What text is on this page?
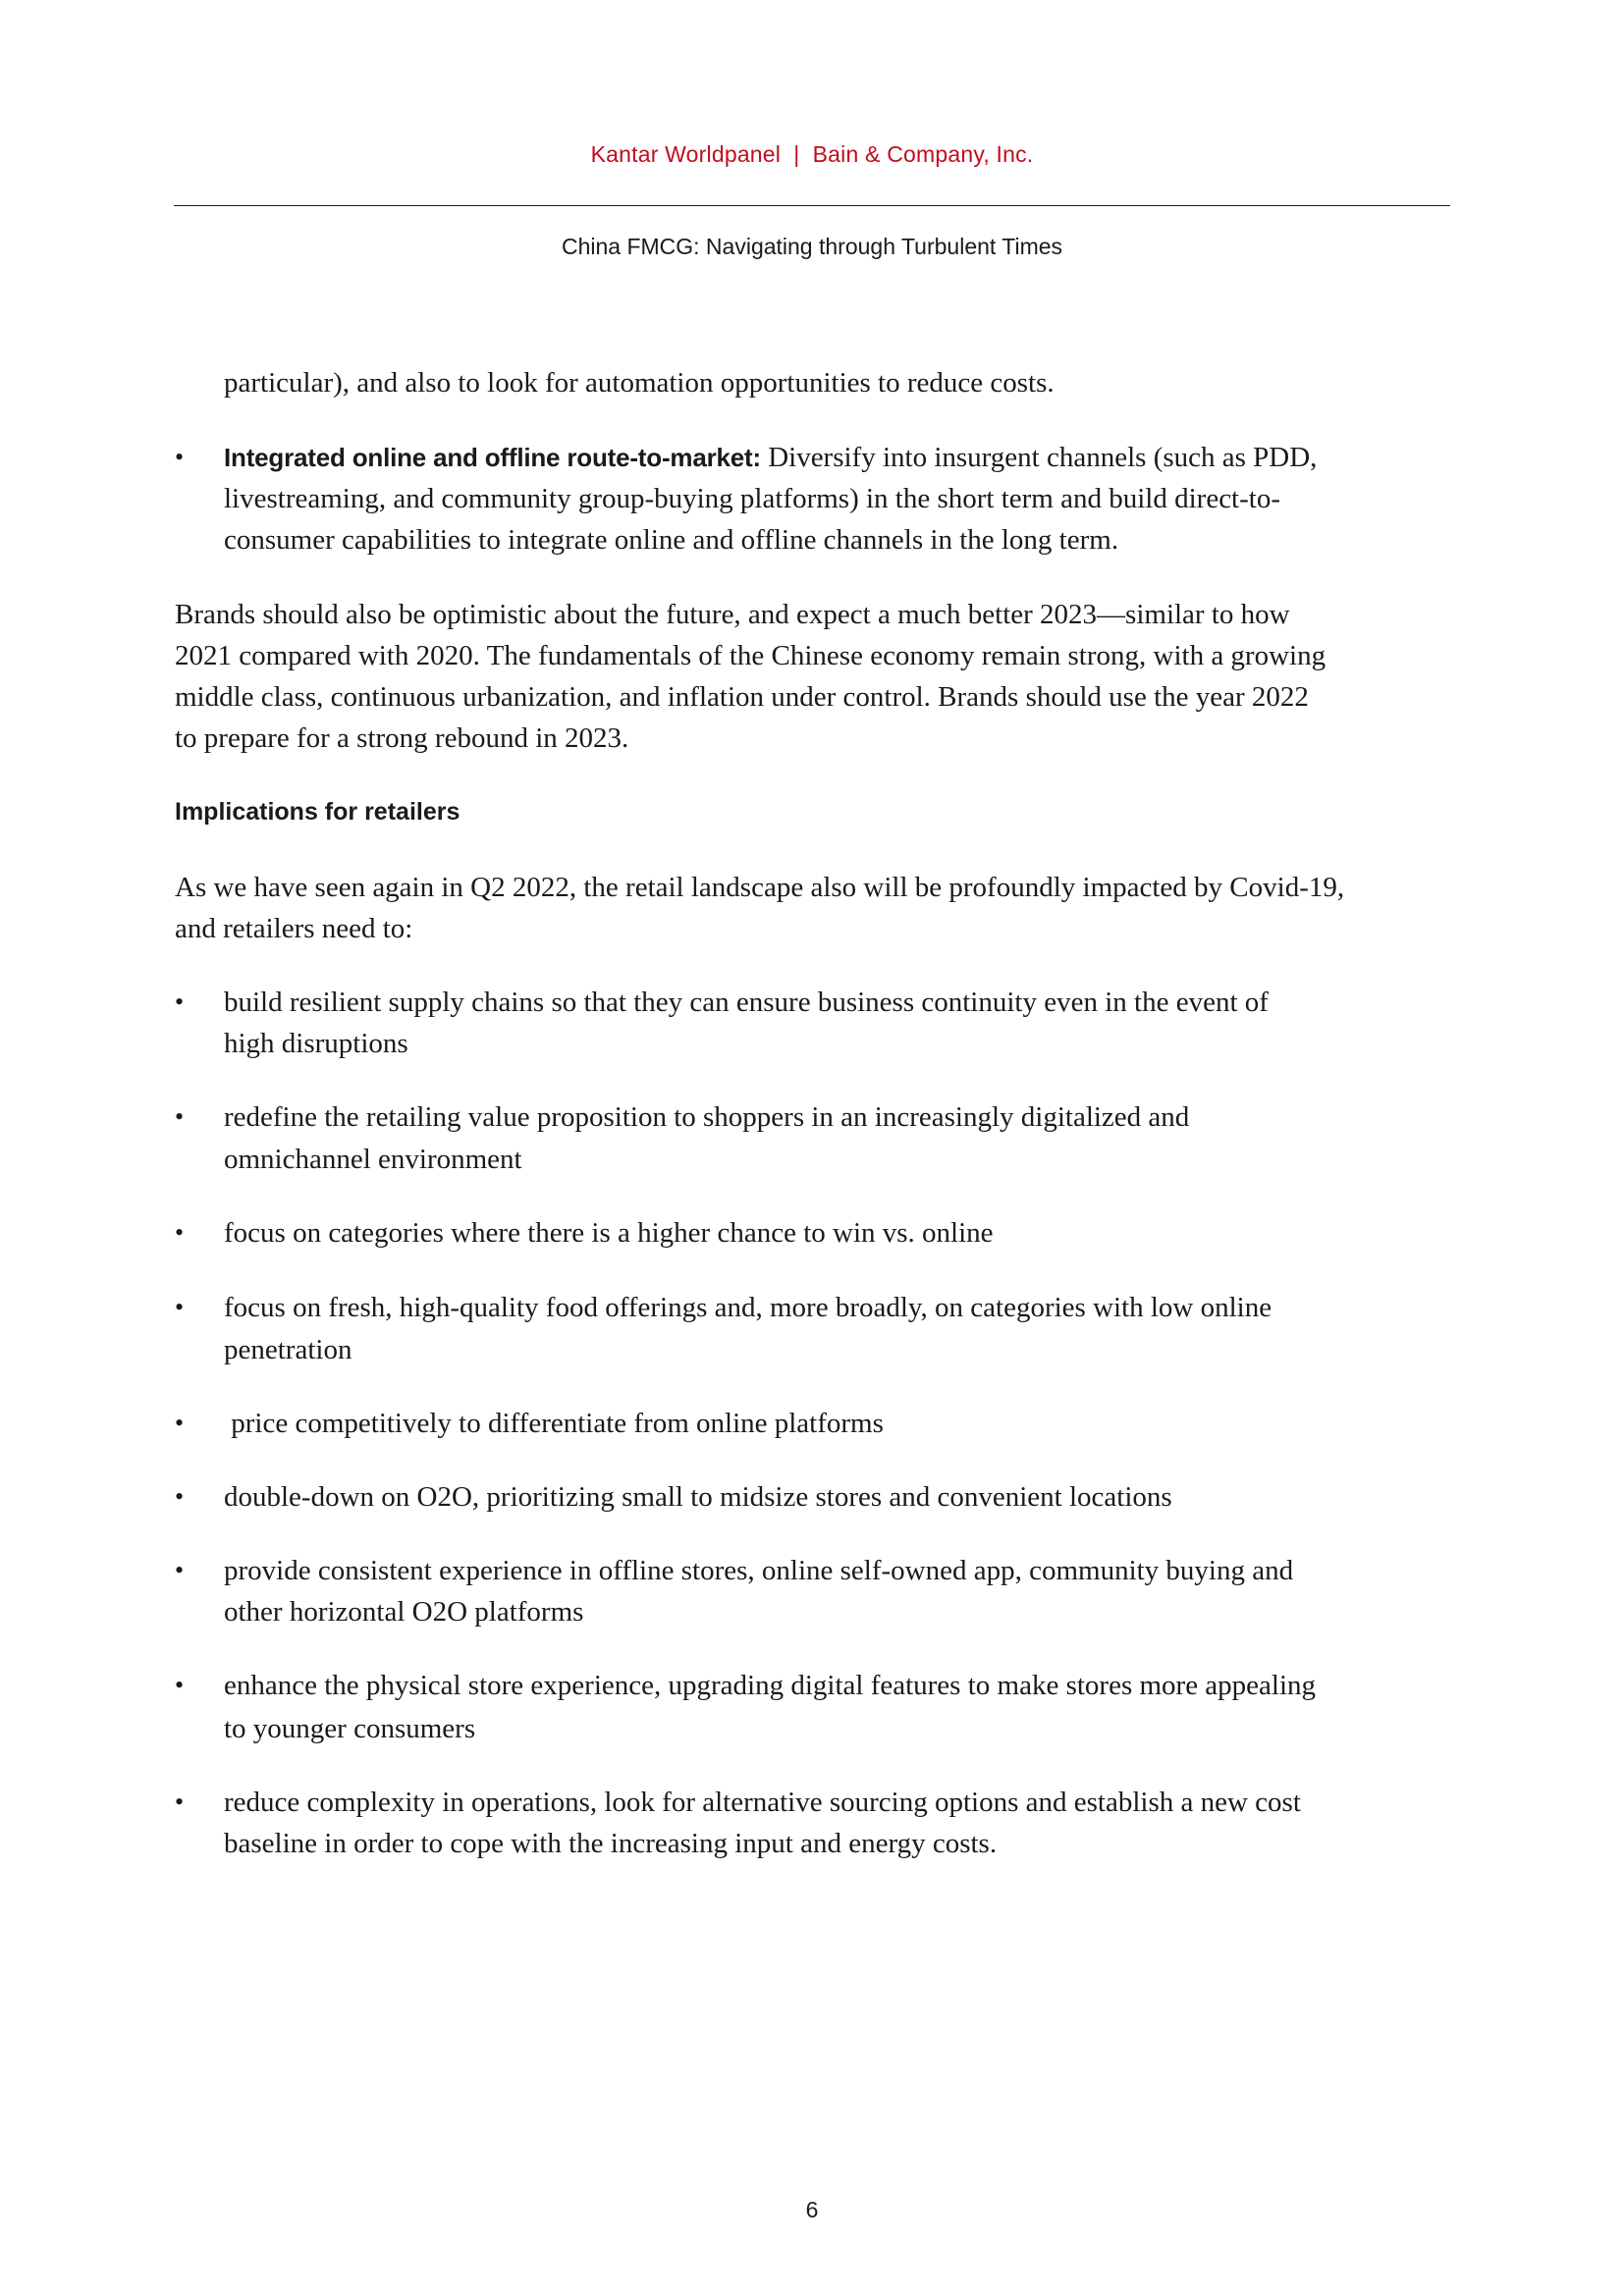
Kantar Worldpanel  |  Bain & Company, Inc.
China FMCG: Navigating through Turbulent Times
particular), and also to look for automation opportunities to reduce costs.
• Integrated online and offline route-to-market: Diversify into insurgent channels (such as PDD,
livestreaming, and community group-buying platforms) in the short term and build direct-to-
consumer capabilities to integrate online and offline channels in the long term.
Brands should also be optimistic about the future, and expect a much better 2023—similar to how
2021 compared with 2020. The fundamentals of the Chinese economy remain strong, with a growing
middle class, continuous urbanization, and inflation under control. Brands should use the year 2022
to prepare for a strong rebound in 2023.
Implications for retailers
As we have seen again in Q2 2022, the retail landscape also will be profoundly impacted by Covid-19,
and retailers need to:
• build resilient supply chains so that they can ensure business continuity even in the event of
high disruptions
• redefine the retailing value proposition to shoppers in an increasingly digitalized and
omnichannel environment
• focus on categories where there is a higher chance to win vs. online
• focus on fresh, high-quality food offerings and, more broadly, on categories with low online
penetration
• price competitively to differentiate from online platforms
• double-down on O2O, prioritizing small to midsize stores and convenient locations
• provide consistent experience in offline stores, online self-owned app, community buying and
other horizontal O2O platforms
• enhance the physical store experience, upgrading digital features to make stores more appealing
to younger consumers
• reduce complexity in operations, look for alternative sourcing options and establish a new cost
baseline in order to cope with the increasing input and energy costs.
6
